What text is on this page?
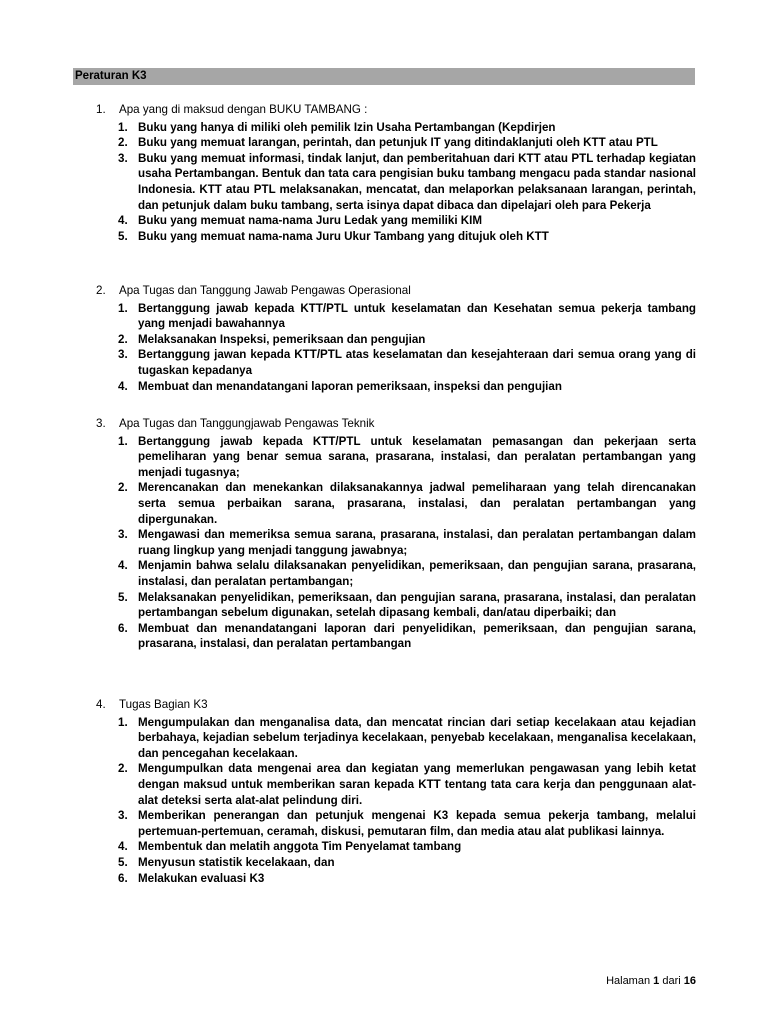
Peraturan K3
1. Apa yang di maksud dengan BUKU TAMBANG :
1. Buku yang hanya di miliki oleh pemilik Izin Usaha Pertambangan (Kepdirjen
2. Buku yang memuat larangan, perintah, dan petunjuk IT yang ditindaklanjuti oleh KTT atau PTL
3. Buku yang memuat informasi, tindak lanjut, dan pemberitahuan dari KTT atau PTL terhadap kegiatan usaha Pertambangan. Bentuk dan tata cara pengisian buku tambang mengacu pada standar nasional Indonesia. KTT atau PTL melaksanakan, mencatat, dan melaporkan pelaksanaan larangan, perintah, dan petunjuk dalam buku tambang, serta isinya dapat dibaca dan dipelajari oleh para Pekerja
4. Buku yang memuat nama-nama Juru Ledak yang memiliki KIM
5. Buku yang memuat nama-nama Juru Ukur Tambang yang ditujuk oleh KTT
2. Apa Tugas dan Tanggung Jawab Pengawas Operasional
1. Bertanggung jawab kepada KTT/PTL untuk keselamatan dan Kesehatan semua pekerja tambang yang menjadi bawahannya
2. Melaksanakan Inspeksi, pemeriksaan dan pengujian
3. Bertanggung jawan kepada KTT/PTL atas keselamatan dan kesejahteraan dari semua orang yang di tugaskan kepadanya
4. Membuat dan menandatangani laporan pemeriksaan, inspeksi dan pengujian
3. Apa Tugas dan Tanggungjawab Pengawas Teknik
1. Bertanggung jawab kepada KTT/PTL untuk keselamatan pemasangan dan pekerjaan serta pemeliharan yang benar semua sarana, prasarana, instalasi, dan peralatan pertambangan yang menjadi tugasnya;
2. Merencanakan dan menekankan dilaksanakannya jadwal pemeliharaan yang telah direncanakan serta semua perbaikan sarana, prasarana, instalasi, dan peralatan pertambangan yang dipergunakan.
3. Mengawasi dan memeriksa semua sarana, prasarana, instalasi, dan peralatan pertambangan dalam ruang lingkup yang menjadi tanggung jawabnya;
4. Menjamin bahwa selalu dilaksanakan penyelidikan, pemeriksaan, dan pengujian sarana, prasarana, instalasi, dan peralatan pertambangan;
5. Melaksanakan penyelidikan, pemeriksaan, dan pengujian sarana, prasarana, instalasi, dan peralatan pertambangan sebelum digunakan, setelah dipasang kembali, dan/atau diperbaiki; dan
6. Membuat dan menandatangani laporan dari penyelidikan, pemeriksaan, dan pengujian sarana, prasarana, instalasi, dan peralatan pertambangan
4. Tugas Bagian K3
1. Mengumpulakan dan menganalisa data, dan mencatat rincian dari setiap kecelakaan atau kejadian berbahaya, kejadian sebelum terjadinya kecelakaan, penyebab kecelakaan, menganalisa kecelakaan, dan pencegahan kecelakaan.
2. Mengumpulkan data mengenai area dan kegiatan yang memerlukan pengawasan yang lebih ketat dengan maksud untuk memberikan saran kepada KTT tentang tata cara kerja dan penggunaan alat-alat deteksi serta alat-alat pelindung diri.
3. Memberikan penerangan dan petunjuk mengenai K3 kepada semua pekerja tambang, melalui pertemuan-pertemuan, ceramah, diskusi, pemutaran film, dan media atau alat publikasi lainnya.
4. Membentuk dan melatih anggota Tim Penyelamat tambang
5. Menyusun statistik kecelakaan, dan
6. Melakukan evaluasi K3
Halaman 1 dari 16
